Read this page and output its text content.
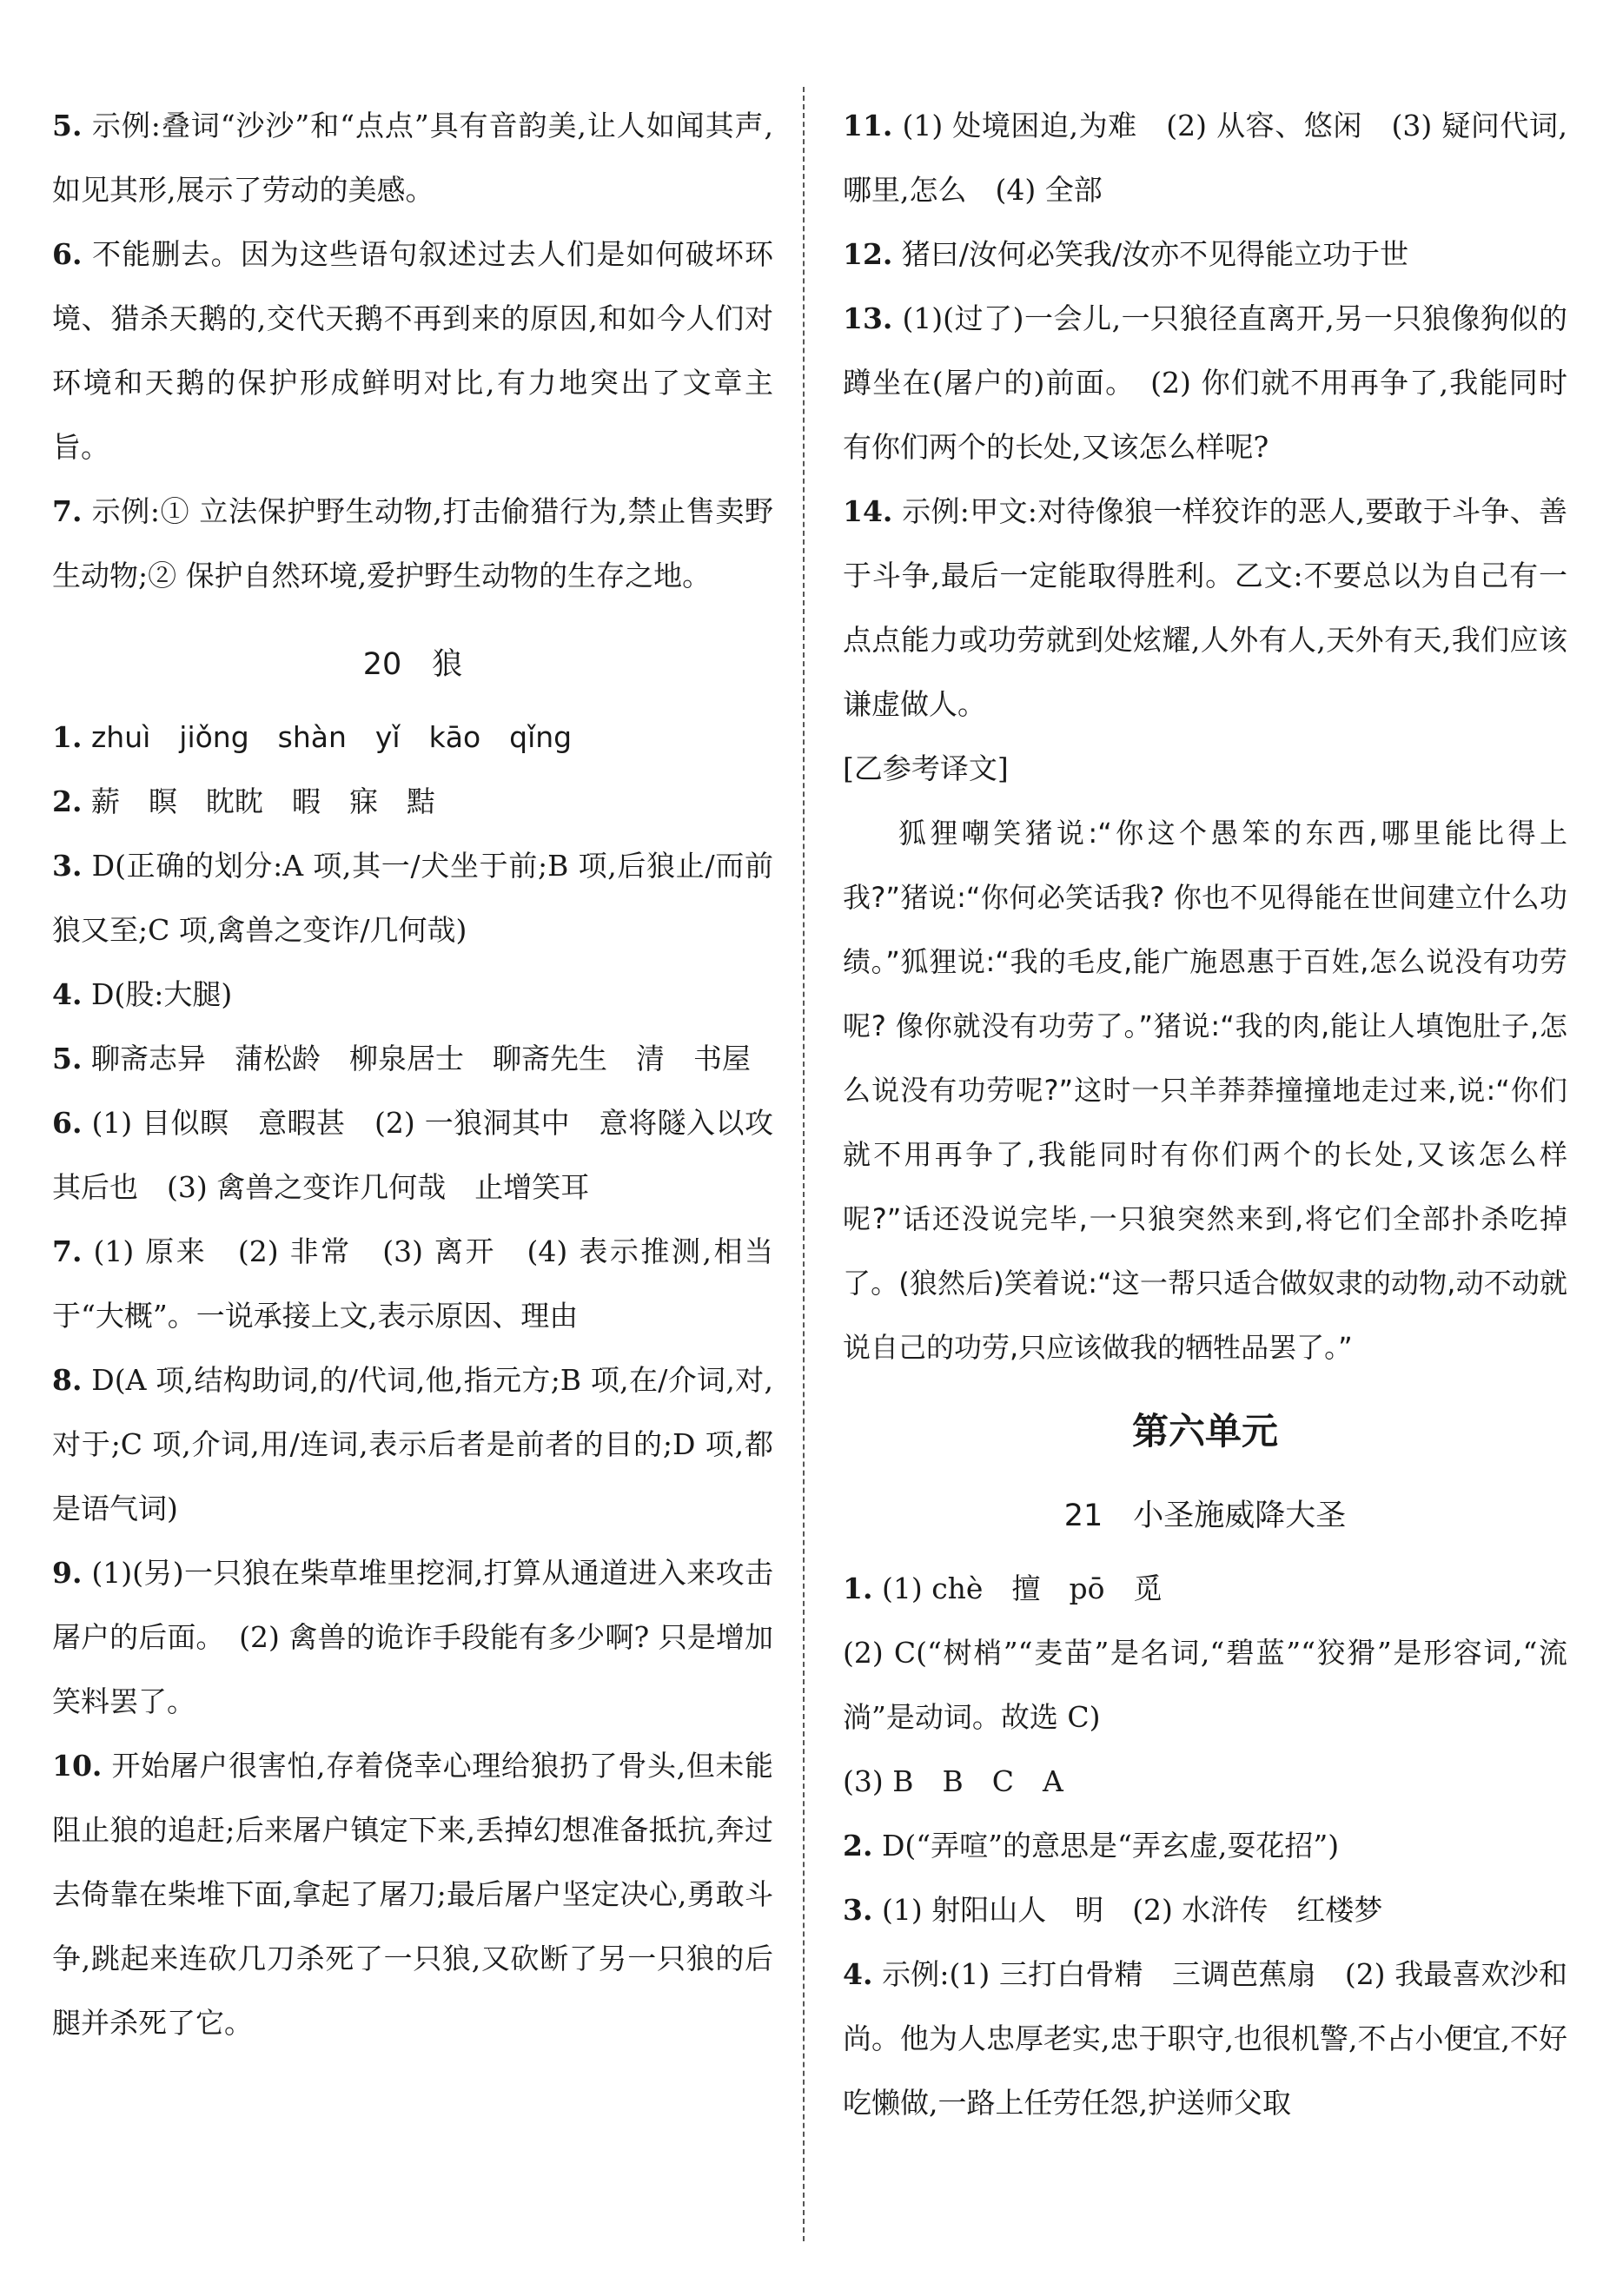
5. 示例:叠词“沙沙”和“点点”具有音韵美,让人如闻其声,如见其形,展示了劳动的美感。

6. 不能删去。因为这些语句叙述过去人们是如何破坏环境、猎杀天鹅的,交代天鹅不再到来的原因,和如今人们对环境和天鹅的保护形成鲜明对比,有力地突出了文章主旨。

7. 示例:① 立法保护野生动物,打击偷猎行为,禁止售卖野生动物;② 保护自然环境,爱护野生动物的生存之地。

20　狼

1. zhuì　jiǒng　shàn　yǐ　kāo　qǐng

2. 薪　瞑　眈眈　暇　寐　黠

3. D(正确的划分:A 项,其一/犬坐于前;B 项,后狼止/而前狼又至;C 项,禽兽之变诈/几何哉)

4. D(股:大腿)

5. 聊斋志异　蒲松龄　柳泉居士　聊斋先生　清　书屋

6. (1) 目似瞑　意暇甚　(2) 一狼洞其中　意将隧入以攻其后也　(3) 禽兽之变诈几何哉　止增笑耳

7. (1) 原来　(2) 非常　(3) 离开　(4) 表示推测,相当于“大概”。一说承接上文,表示原因、理由

8. D(A 项,结构助词,的/代词,他,指元方;B 项,在/介词,对,对于;C 项,介词,用/连词,表示后者是前者的目的;D 项,都是语气词)

9. (1)(另)一只狼在柴草堆里挖洞,打算从通道进入来攻击屠户的后面。　(2) 禽兽的诡诈手段能有多少啊? 只是增加笑料罢了。

10. 开始屠户很害怕,存着侥幸心理给狼扔了骨头,但未能阻止狼的追赶;后来屠户镇定下来,丢掉幻想准备抵抗,奔过去倚靠在柴堆下面,拿起了屠刀;最后屠户坚定决心,勇敢斗争,跳起来连砍几刀杀死了一只狼,又砍断了另一只狼的后腿并杀死了它。

11. (1) 处境困迫,为难　(2) 从容、悠闲　(3) 疑问代词,哪里,怎么　(4) 全部

12. 猪曰/汝何必笑我/汝亦不见得能立功于世

13. (1)(过了)一会儿,一只狼径直离开,另一只狼像狗似的蹲坐在(屠户的)前面。　(2) 你们就不用再争了,我能同时有你们两个的长处,又该怎么样呢?

14. 示例:甲文:对待像狼一样狡诈的恶人,要敢于斗争、善于斗争,最后一定能取得胜利。乙文:不要总以为自己有一点点能力或功劳就到处炫耀,人外有人,天外有天,我们应该谦虚做人。

[乙参考译文]

狐狸嘲笑猪说:“你这个愚笨的东西,哪里能比得上我?”猪说:“你何必笑话我? 你也不见得能在世间建立什么功绩。”狐狸说:“我的毛皮,能广施恩惠于百姓,怎么说没有功劳呢? 像你就没有功劳了。”猪说:“我的肉,能让人填饱肚子,怎么说没有功劳呢?”这时一只羊莽莽撞撞地走过来,说:“你们就不用再争了,我能同时有你们两个的长处,又该怎么样呢?”话还没说完毕,一只狼突然来到,将它们全部扑杀吃掉了。(狼然后)笑着说:“这一帮只适合做奴隶的动物,动不动就说自己的功劳,只应该做我的牺牲品罢了。”

第六单元
21　小圣施威降大圣

1. (1) chè　擅　pō　觅

(2) C(“树梢”“麦苗”是名词,“碧蓝”“狡猾”是形容词,“流淌”是动词。故选 C)

(3) B　B　C　A

2. D(“弄喧”的意思是“弄玄虚,耍花招”)

3. (1) 射阳山人　明　(2) 水浒传　红楼梦

4. 示例:(1) 三打白骨精　三调芭蕉扇　(2) 我最喜欢沙和尚。他为人忠厚老实,忠于职守,也很机警,不占小便宜,不好吃懒做,一路上任劳任怨,护送师父取
